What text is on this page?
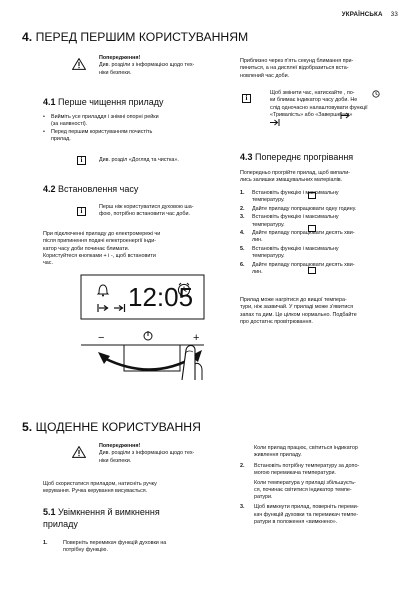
УКРАЇНСЬКА 33
4. ПЕРЕД ПЕРШИМ КОРИСТУВАННЯМ
Попередження!
Див. розділи з інформацією щодо тех-
ніки безпеки.
4.1 Перше чищення приладу
•	Вийміть усе приладдя і знімні опорні рейки
(за наявності).
•	Перед першим користуванням почистіть
прилад.
i	Див. розділ «Догляд та чистка».
4.2 Встановлення часу
i	Перш ніж користуватися духовою ша-
фою, потрібно встановити час доби.
При підключенні приладу до електромережі чи
після припинення подачі електроенергії інди-
катор часу доби починає блимати.
Користуйтеся кнопками + і -, щоб встановити
час.
12:05
−	+
Приблизно через п'ять секунд блимання при-
пиниться, а на дисплеї відобразиться вста-
новлений час доби.
i
Щоб змінити час, натискайте , по-
ки блимає індикатор часу доби. Не
слід одночасно налаштовувати функції
«Тривалість» або «Завершення»
4.3 Попереднє прогрівання
Попередньо прогрійте прилад, щоб випали-
лись залишки змащувальних матеріалів.
1.	Встановіть функцію і максимальну
температуру.
2.	Дайте приладу попрацювати одну годину.
3.	Встановіть функцію і максимальну
температуру.
4.	Дайте приладу попрацювати десять хви-
лин.
5.	Встановіть функцію і максимальну
температуру.
6.	Дайте приладу попрацювати десять хви-
лин.
Прилад може нагрітися до вищої темпера-
тури, ніж зазвичай. У приладі може з'явитися
запах та дим. Це цілком нормально. Подбайте
про достатнє провітрювання.
5. ЩОДЕННЕ КОРИСТУВАННЯ
Попередження!
Див. розділи з інформацією щодо тех-
ніки безпеки.
Щоб скористатися приладом, натисніть ручку
керування. Ручка керування висувається.
5.1 Увімкнення й вимкнення
приладу
1.	Поверніть перемикач функцій духовки на
потрібну функцію.
Коли прилад працює, світиться індикатор
живлення приладу.
2.	Встановіть потрібну температуру за допо-
могою перемикача температури.
Коли температура у приладі збільшуєть-
ся, починає світитися індикатор темпе-
ратури.
3.	Щоб вимкнути прилад, поверніть переми-
кач функцій духовки та перемикач темпе-
ратури в положення «вимкнено».
